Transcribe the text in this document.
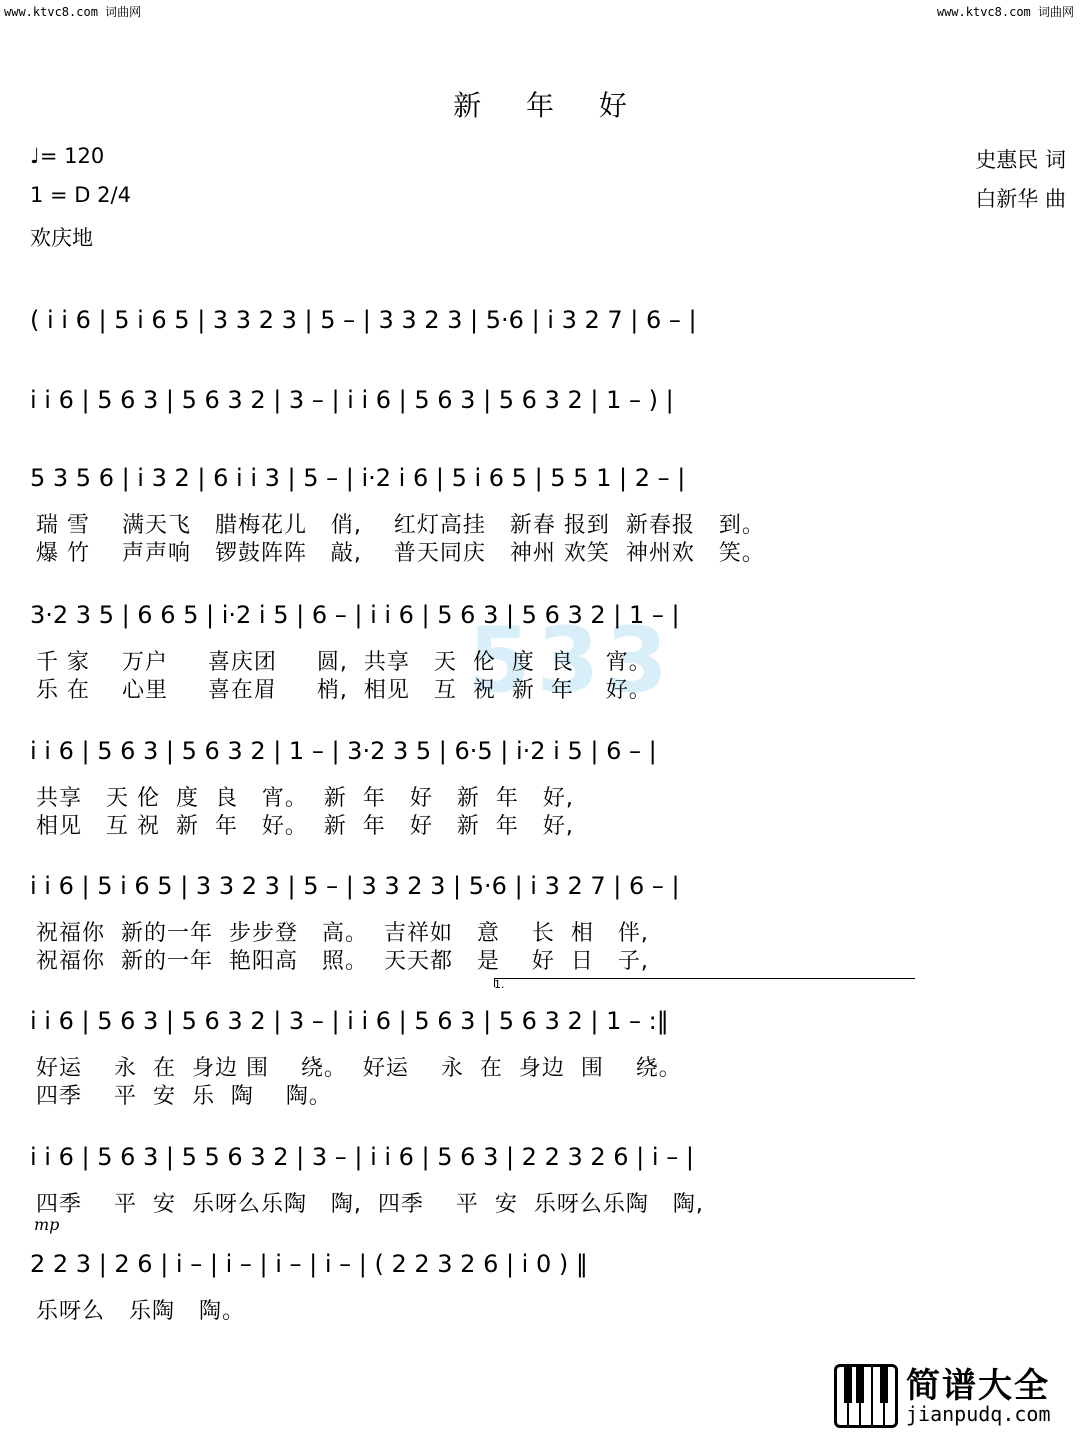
www.ktvc8.com 词曲网	www.ktvc8.com 词曲网
新 年 好
♩= 120
1 = D 2/4
欢庆地
史惠民 词
白新华 曲
533
( i i 6 | 5 i 6 5 | 3 3 2 3 | 5 – | 3 3 2 3 | 5·6 | i 3 2 7 | 6 – |
i i 6 | 5 6 3 | 5 6 3 2 | 3 – | i i 6 | 5 6 3 | 5 6 3 2 | 1 – ) |
5 3 5 6 | i 3 2 | 6 i i 3 | 5 – | i·2 i 6 | 5 i 6 5 | 5 5 1 | 2 – |
瑞 雪    满天飞   腊梅花儿   俏,    红灯高挂   新春 报到  新春报   到。
爆 竹    声声响   锣鼓阵阵   敲,    普天同庆   神州 欢笑  神州欢   笑。
3·2 3 5 | 6 6 5 | i·2 i 5 | 6 – | i i 6 | 5 6 3 | 5 6 3 2 | 1 – |
千 家    万户     喜庆团     圆,  共享   天  伦  度  良    宵。
乐 在    心里     喜在眉     梢,  相见   互  祝  新  年    好。
i i 6 | 5 6 3 | 5 6 3 2 | 1 – | 3·2 3 5 | 6·5 | i·2 i 5 | 6 – |
共享   天 伦  度  良   宵。  新  年   好   新  年   好,
相见   互 祝  新  年   好。  新  年   好   新  年   好,
i i 6 | 5 i 6 5 | 3 3 2 3 | 5 – | 3 3 2 3 | 5·6 | i 3 2 7 | 6 – |
祝福你  新的一年  步步登   高。  吉祥如   意    长  相   伴,
祝福你  新的一年  艳阳高   照。  天天都   是    好  日   子,
1.
i i 6 | 5 6 3 | 5 6 3 2 | 3 – | i i 6 | 5 6 3 | 5 6 3 2 | 1 – :‖
好运    永  在  身边 围    绕。  好运    永  在  身边  围    绕。
四季    平  安  乐  陶    陶。
i i 6 | 5 6 3 | 5 5 6 3 2 | 3 – | i i 6 | 5 6 3 | 2 2 3 2 6 | i – |
四季    平  安  乐呀么乐陶   陶,  四季    平  安  乐呀么乐陶   陶,
mp
2 2 3 | 2 6 | i – | i – | i – | i – | ( 2 2 3 2 6 | i 0 ) ‖
乐呀么   乐陶   陶。
简谱大全
jianpudq.com
